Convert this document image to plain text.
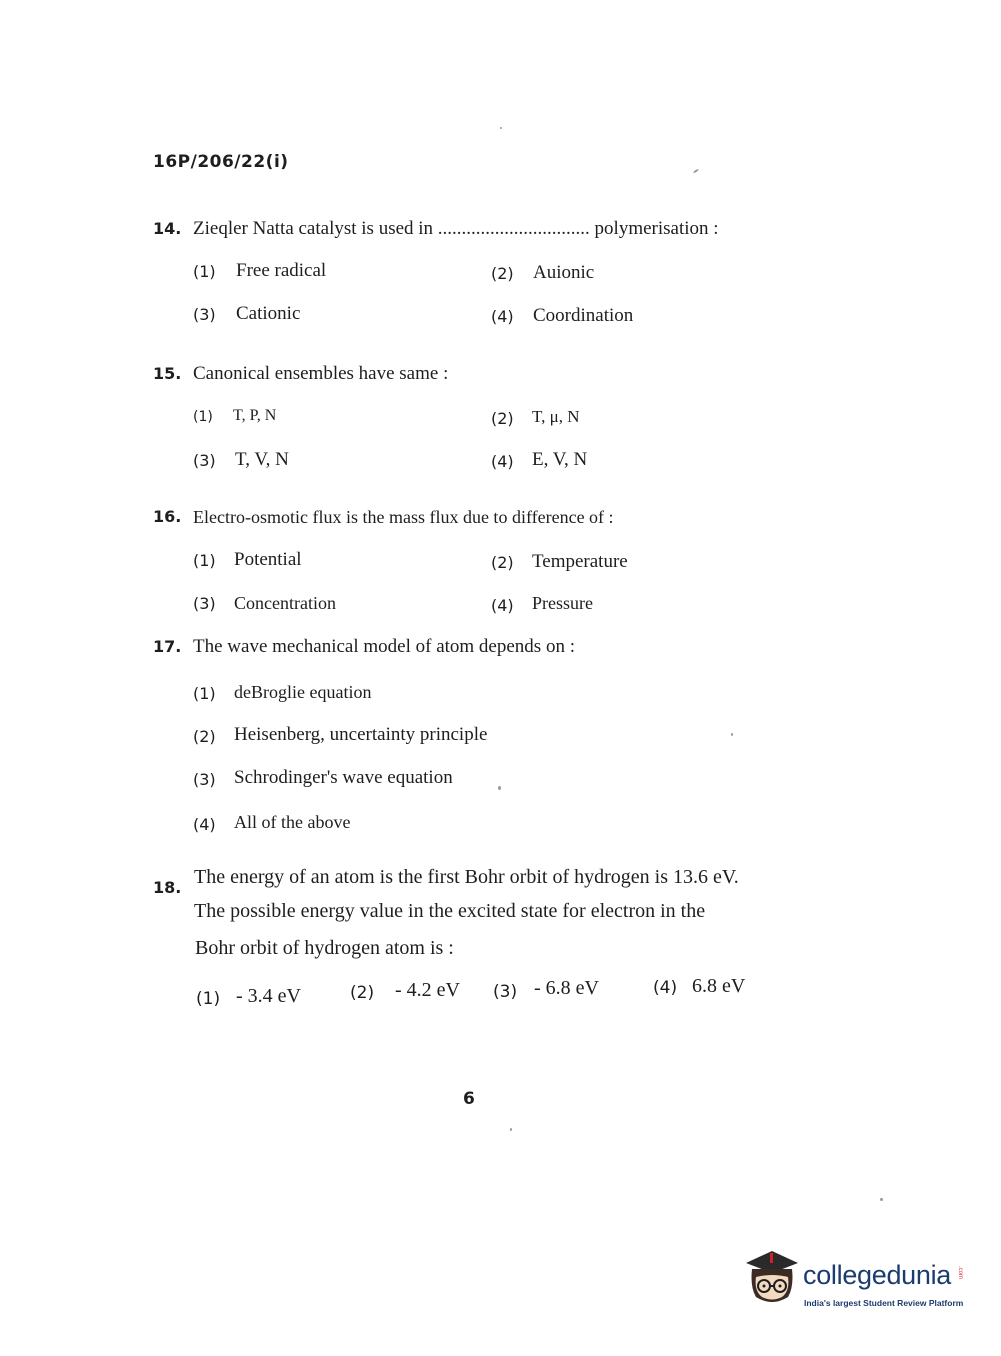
16P/206/22(i)
14. Zieqler Natta catalyst is used in ................................ polymerisation :
(1) Free radical	(2) Auionic
(3) Cationic	(4) Coordination
15. Canonical ensembles have same :
(1) T, P, N	(2) T, μ, N
(3) T, V, N	(4) E, V, N
16. Electro-osmotic flux is the mass flux due to difference of :
(1) Potential	(2) Temperature
(3) Concentration	(4) Pressure
17. The wave mechanical model of atom depends on :
(1) deBroglie equation
(2) Heisenberg, uncertainty principle
(3) Schrodinger's wave equation
(4) All of the above
18. The energy of an atom is the first Bohr orbit of hydrogen is 13.6 eV.
The possible energy value in the excited state for electron in the
Bohr orbit of hydrogen atom is :
(1) - 3.4 eV	(2) - 4.2 eV (3) - 6.8 eV	(4) 6.8 eV
6
collegedunia .com
India's largest Student Review Platform
